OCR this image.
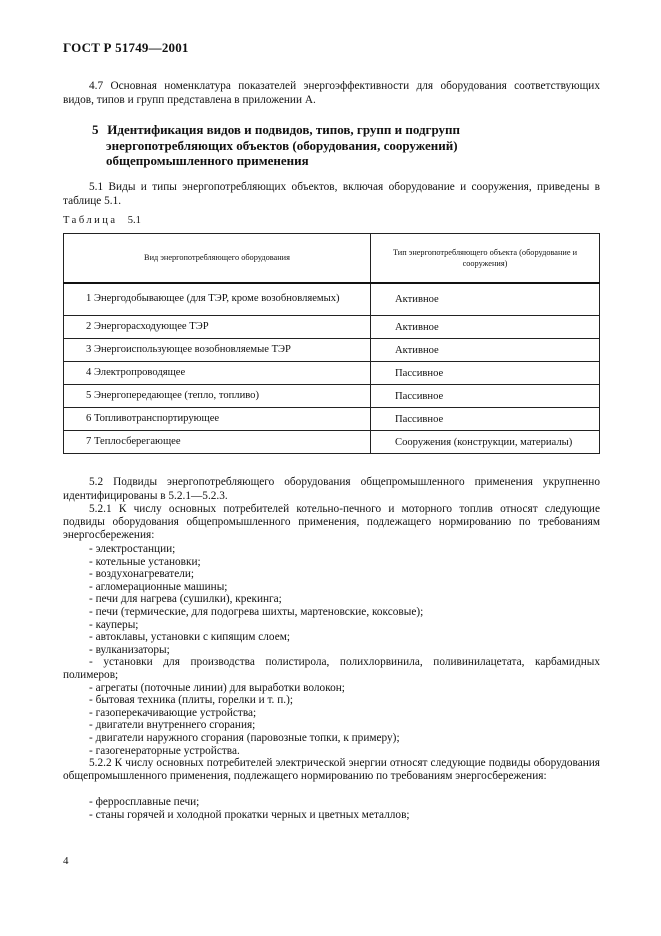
ГОСТ Р 51749—2001
4.7 Основная номенклатура показателей энергоэффективности для оборудования соответствующих видов, типов и групп представлена в приложении А.
5 Идентификация видов и подвидов, типов, групп и подгрупп
энергопотребляющих объектов (оборудования, сооружений)
общепромышленного применения
5.1 Виды и типы энергопотребляющих объектов, включая оборудование и сооружения, приведены в таблице 5.1.
Таблица 5.1
Вид энергопотребляющего оборудования	Тип энергопотребляющего объекта (оборудование и сооружения)
1 Энергодобывающее (для ТЭР, кроме возобновляемых)	Активное
2 Энергорасходующее ТЭР	Активное
3 Энергоиспользующее возобновляемые ТЭР	Активное
4 Электропроводящее	Пассивное
5 Энергопередающее (тепло, топливо)	Пассивное
6 Топливотранспортирующее	Пассивное
7 Теплосберегающее	Сооружения (конструкции, материалы)
5.2 Подвиды энергопотребляющего оборудования общепромышленного применения укрупненно идентифицированы в 5.2.1—5.2.3.
5.2.1 К числу основных потребителей котельно-печного и моторного топлив относят следующие подвиды оборудования общепромышленного применения, подлежащего нормированию по требованиям энергосбережения:
- электростанции;
- котельные установки;
- воздухонагреватели;
- агломерационные машины;
- печи для нагрева (сушилки), крекинга;
- печи (термические, для подогрева шихты, мартеновские, коксовые);
- кауперы;
- автоклавы, установки с кипящим слоем;
- вулканизаторы;
- установки для производства полистирола, полихлорвинила, поливинилацетата, карбамидных полимеров;
- агрегаты (поточные линии) для выработки волокон;
- бытовая техника (плиты, горелки и т. п.);
- газоперекачивающие устройства;
- двигатели внутреннего сгорания;
- двигатели наружного сгорания (паровозные топки, к примеру);
- газогенераторные устройства.
5.2.2 К числу основных потребителей электрической энергии относят следующие подвиды оборудования общепромышленного применения, подлежащего нормированию по требованиям энергосбережения:
- ферросплавные печи;
- станы горячей и холодной прокатки черных и цветных металлов;
4
